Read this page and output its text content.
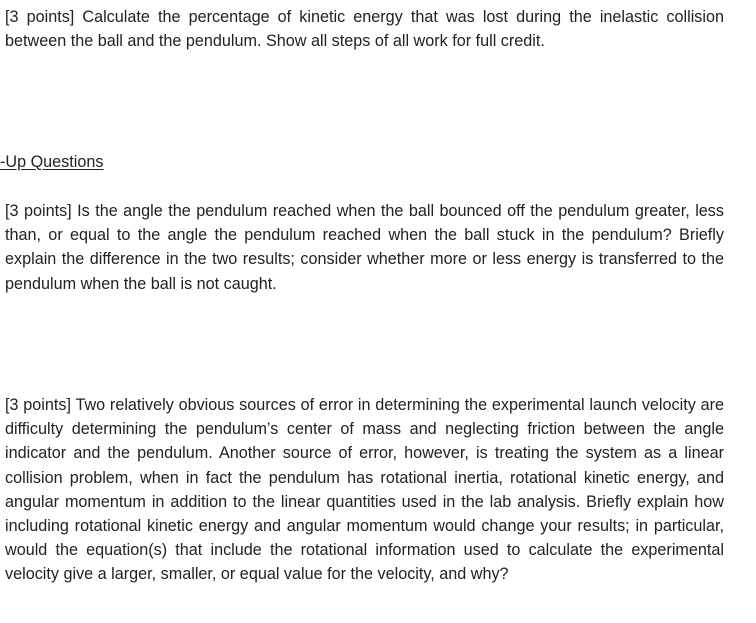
[3 points] Calculate the percentage of kinetic energy that was lost during the inelastic collision between the ball and the pendulum. Show all steps of all work for full credit.

-Up Questions

[3 points] Is the angle the pendulum reached when the ball bounced off the pendulum greater, less than, or equal to the angle the pendulum reached when the ball stuck in the pendulum? Briefly explain the difference in the two results; consider whether more or less energy is transferred to the pendulum when the ball is not caught.

[3 points] Two relatively obvious sources of error in determining the experimental launch velocity are difficulty determining the pendulum’s center of mass and neglecting friction between the angle indicator and the pendulum. Another source of error, however, is treating the system as a linear collision problem, when in fact the pendulum has rotational inertia, rotational kinetic energy, and angular momentum in addition to the linear quantities used in the lab analysis. Briefly explain how including rotational kinetic energy and angular momentum would change your results; in particular, would the equation(s) that include the rotational information used to calculate the experimental velocity give a larger, smaller, or equal value for the velocity, and why?
